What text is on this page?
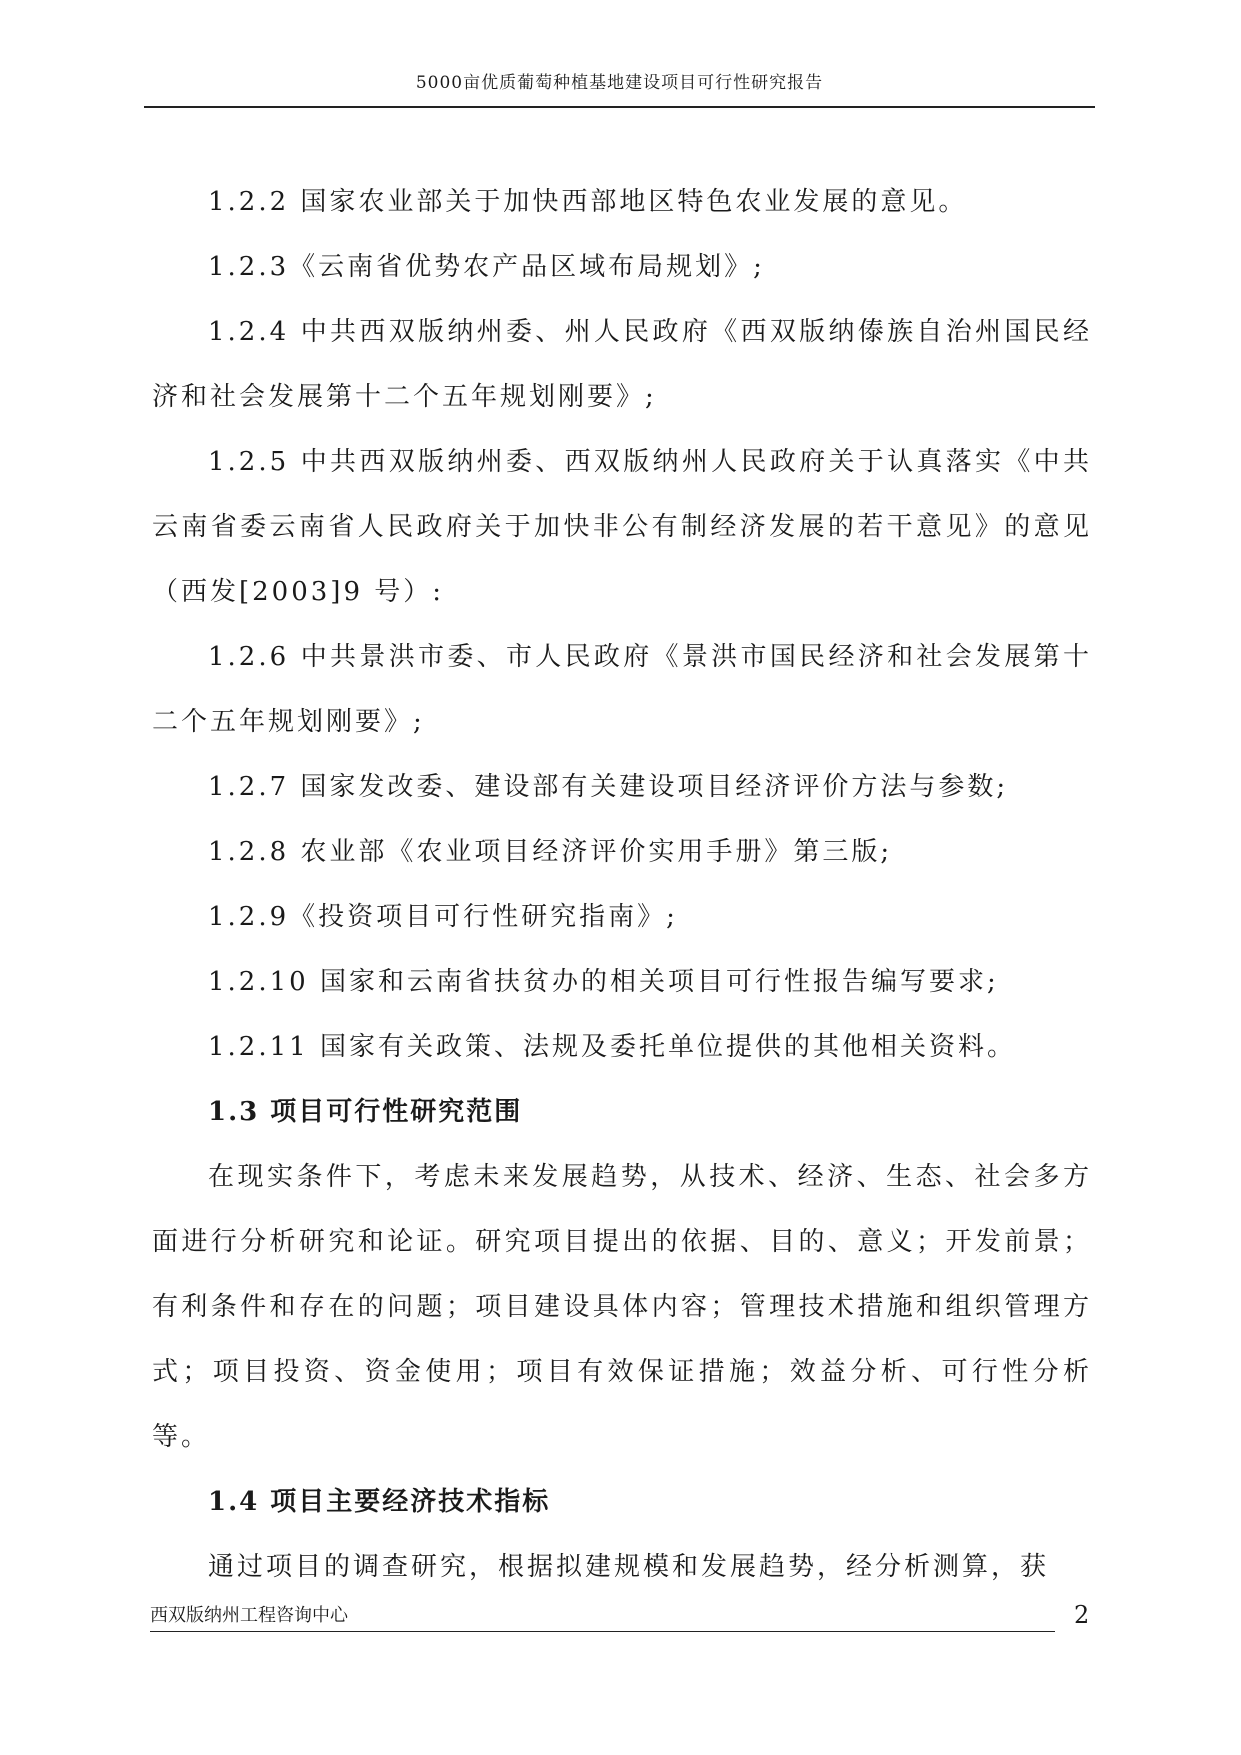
5000亩优质葡萄种植基地建设项目可行性研究报告

1.2.2 国家农业部关于加快西部地区特色农业发展的意见。

1.2.3《云南省优势农产品区域布局规划》;

1.2.4 中共西双版纳州委、州人民政府《西双版纳傣族自治州国民经济和社会发展第十二个五年规划刚要》;

1.2.5 中共西双版纳州委、西双版纳州人民政府关于认真落实《中共云南省委云南省人民政府关于加快非公有制经济发展的若干意见》的意见（西发[2003]9 号）:

1.2.6 中共景洪市委、市人民政府《景洪市国民经济和社会发展第十二个五年规划刚要》;

1.2.7 国家发改委、建设部有关建设项目经济评价方法与参数;

1.2.8 农业部《农业项目经济评价实用手册》第三版;

1.2.9《投资项目可行性研究指南》;

1.2.10 国家和云南省扶贫办的相关项目可行性报告编写要求;

1.2.11 国家有关政策、法规及委托单位提供的其他相关资料。

1.3 项目可行性研究范围

在现实条件下，考虑未来发展趋势，从技术、经济、生态、社会多方面进行分析研究和论证。研究项目提出的依据、目的、意义；开发前景；有利条件和存在的问题；项目建设具体内容；管理技术措施和组织管理方式；项目投资、资金使用；项目有效保证措施；效益分析、可行性分析等。

1.4 项目主要经济技术指标

通过项目的调查研究，根据拟建规模和发展趋势，经分析测算，获

西双版纳州工程咨询中心	2
